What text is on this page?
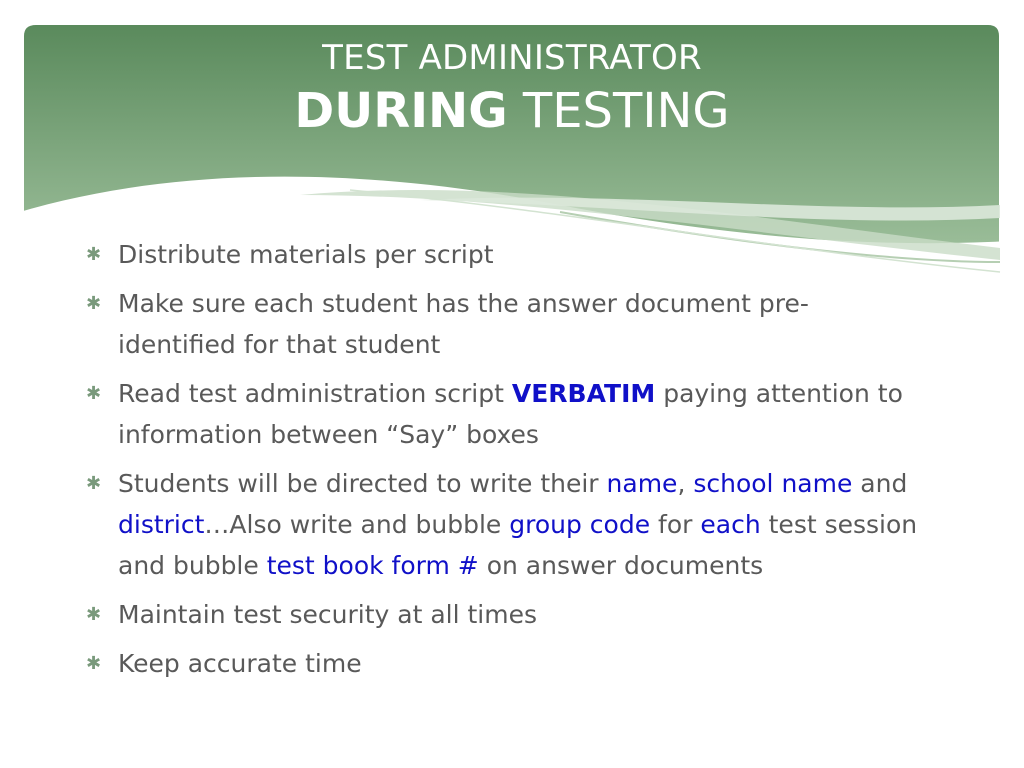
TEST ADMINISTRATOR
DURING TESTING
✱ Distribute materials per script
✱ Make sure each student has the answer document pre-identified for that student
✱ Read test administration script VERBATIM paying attention to information between “Say” boxes
✱ Students will be directed to write their name, school name and district…Also write and bubble group code for each test session and bubble test book form # on answer documents
✱ Maintain test security at all times
✱ Keep accurate time
